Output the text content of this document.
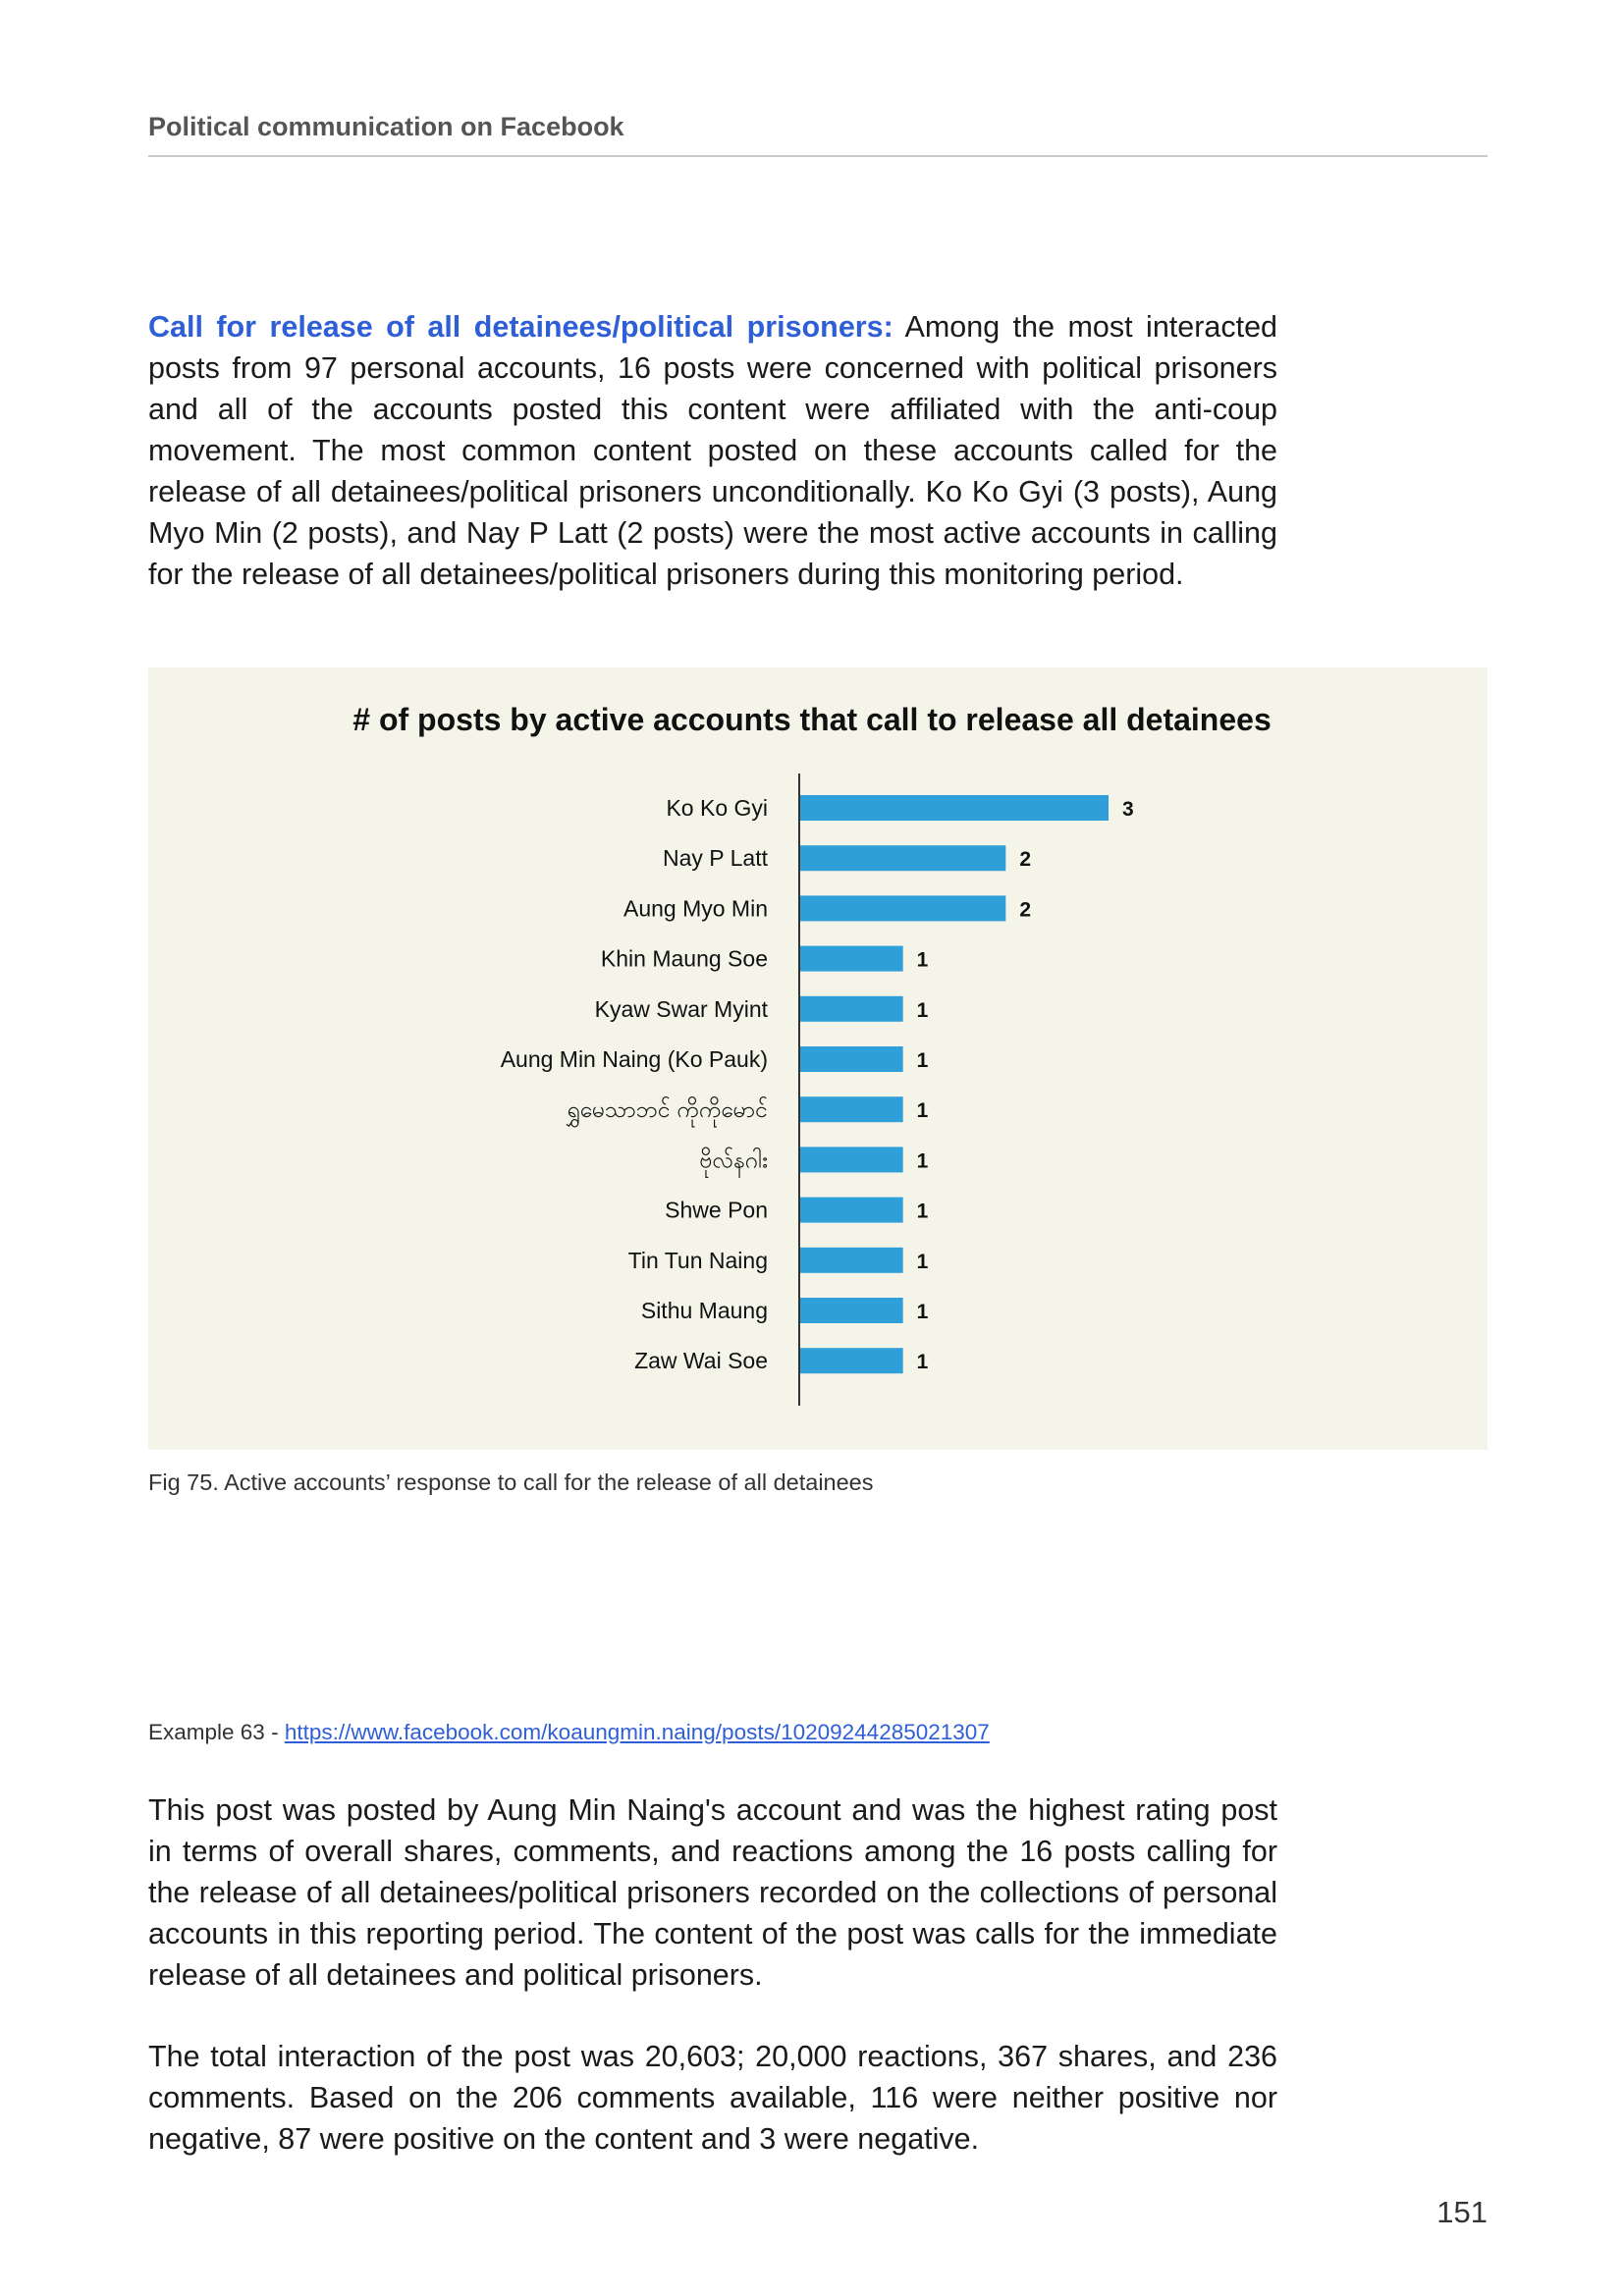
Political communication on Facebook

Call for release of all detainees/political prisoners: Among the most interacted posts from 97 personal accounts, 16 posts were concerned with political prisoners and all of the accounts posted this content were affiliated with the anti-coup movement. The most common content posted on these accounts called for the release of all detainees/political prisoners unconditionally. Ko Ko Gyi (3 posts), Aung Myo Min (2 posts), and Nay P Latt (2 posts) were the most active accounts in calling for the release of all detainees/political prisoners during this monitoring period.

# of posts by active accounts that call to release all detainees
Ko Ko Gyi	3
Nay P Latt	2
Aung Myo Min	2
Khin Maung Soe	1
Kyaw Swar Myint	1
Aung Min Naing (Ko Pauk)	1
ရွှမေသာဘင် ကိုကိုမောင်	1
ဗိုလ်နဂါး	1
Shwe Pon	1
Tin Tun Naing	1
Sithu Maung	1
Zaw Wai Soe	1
Fig 75. Active accounts’ response to call for the release of all detainees
Example 63 - https://www.facebook.com/koaungmin.naing/posts/10209244285021307

This post was posted by Aung Min Naing's account and was the highest rating post in terms of overall shares, comments, and reactions among the 16 posts calling for the release of all detainees/political prisoners recorded on the collections of personal accounts in this reporting period. The content of the post was calls for the immediate release of all detainees and political prisoners.

The total interaction of the post was 20,603; 20,000 reactions, 367 shares, and 236 comments. Based on the 206 comments available, 116 were neither positive nor negative, 87 were positive on the content and 3 were negative.

151
